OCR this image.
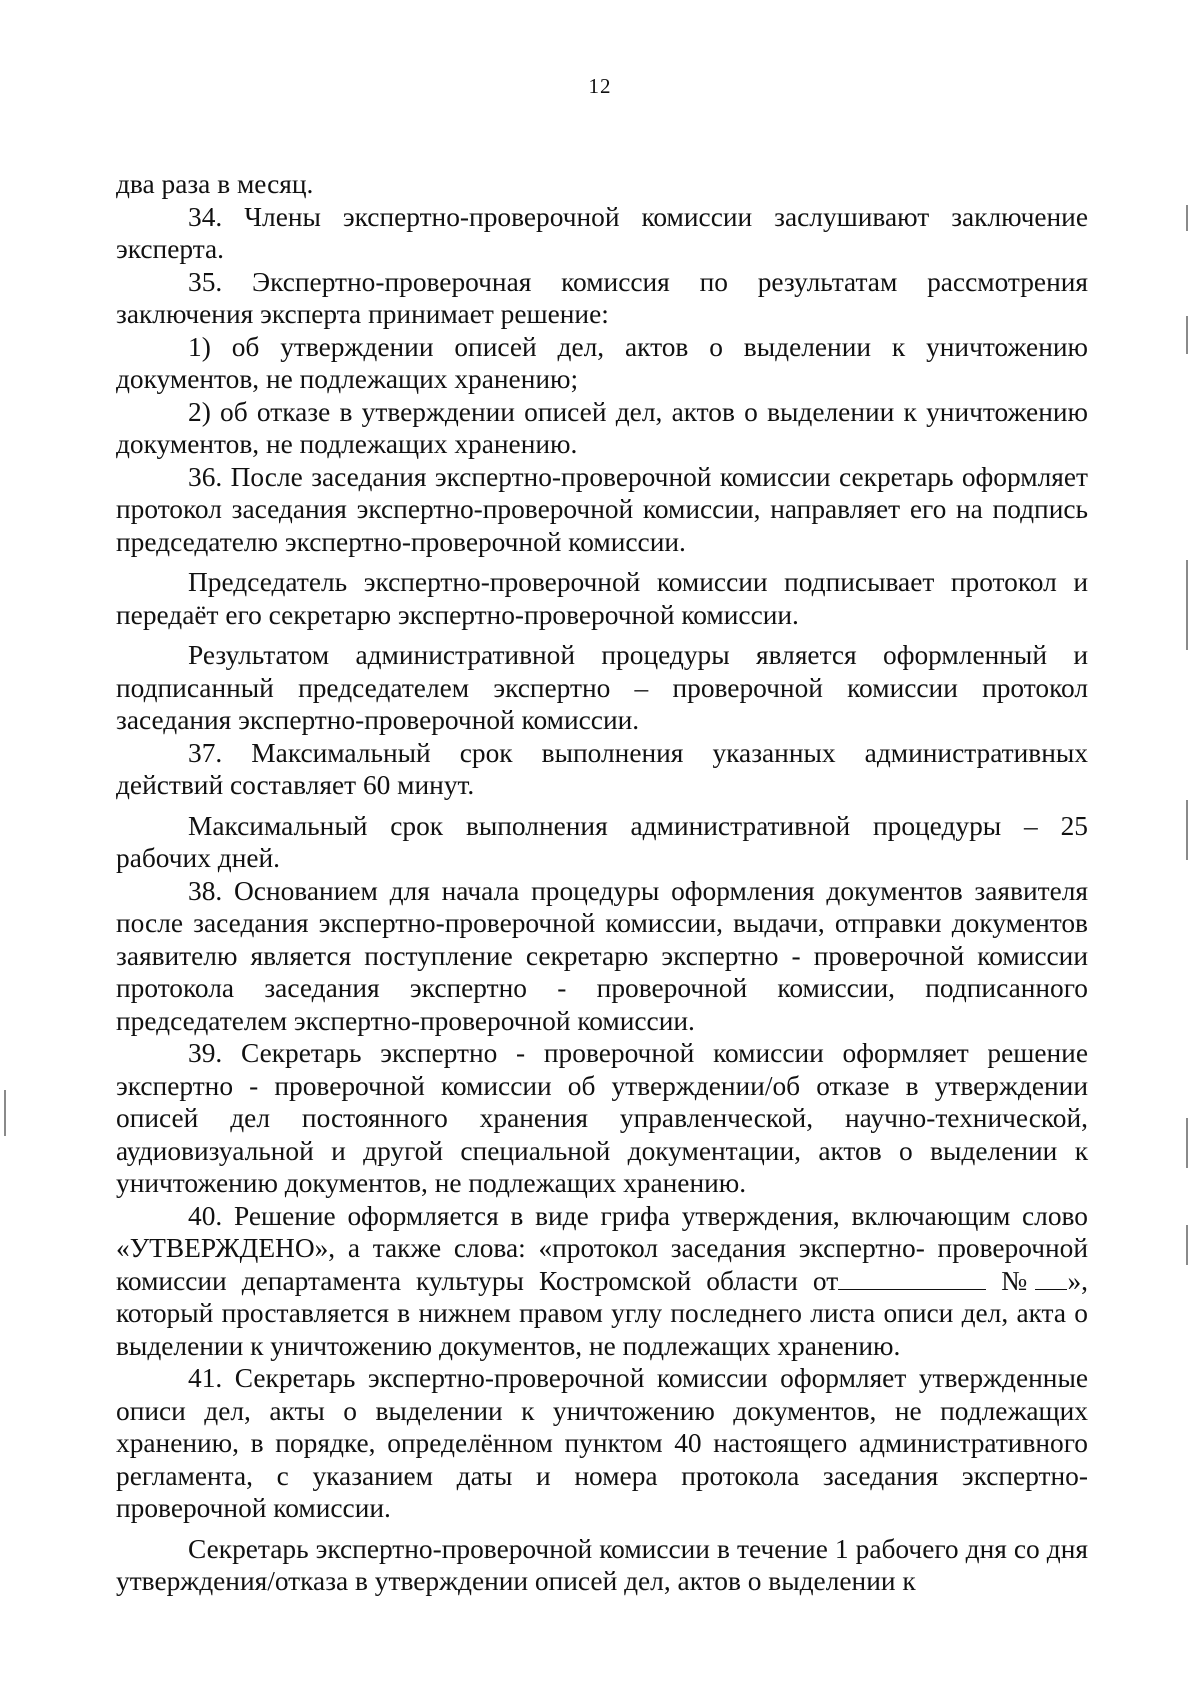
12

два раза в месяц.

34. Члены экспертно-проверочной комиссии заслушивают заключение эксперта.

35. Экспертно-проверочная комиссия по результатам рассмотрения заключения эксперта принимает решение:

1) об утверждении описей дел, актов о выделении к уничтожению документов, не подлежащих хранению;

2) об отказе в утверждении описей дел, актов о выделении к уничтожению документов, не подлежащих хранению.

36. После заседания экспертно-проверочной комиссии секретарь оформляет протокол заседания экспертно-проверочной комиссии, направляет его на подпись председателю экспертно-проверочной комиссии.

Председатель экспертно-проверочной комиссии подписывает протокол и передаёт его секретарю экспертно-проверочной комиссии.

Результатом административной процедуры является оформленный и подписанный председателем экспертно – проверочной комиссии протокол заседания экспертно-проверочной комиссии.

37. Максимальный срок выполнения указанных административных действий составляет 60 минут.

Максимальный срок выполнения административной процедуры – 25 рабочих дней.

38. Основанием для начала процедуры оформления документов заявителя после заседания экспертно-проверочной комиссии, выдачи, отправки документов заявителю является поступление секретарю экспертно - проверочной комиссии протокола заседания экспертно - проверочной комиссии, подписанного председателем экспертно-проверочной комиссии.

39. Секретарь экспертно - проверочной комиссии оформляет решение экспертно - проверочной комиссии об утверждении/об отказе в утверждении описей дел постоянного хранения управленческой, научно-технической, аудиовизуальной и другой специальной документации, актов о выделении к уничтожению документов, не подлежащих хранению.

40. Решение оформляется в виде грифа утверждения, включающим слово «УТВЕРЖДЕНО», а также слова: «протокол заседания экспертно- проверочной комиссии департамента культуры Костромской области от	№ », который проставляется в нижнем правом углу последнего листа описи дел, акта о выделении к уничтожению документов, не подлежащих хранению.

41. Секретарь экспертно-проверочной комиссии оформляет утвержденные описи дел, акты о выделении к уничтожению документов, не подлежащих хранению, в порядке, определённом пунктом 40 настоящего административного регламента, с указанием даты и номера протокола заседания экспертно-проверочной комиссии.

Секретарь экспертно-проверочной комиссии в течение 1 рабочего дня со дня утверждения/отказа в утверждении описей дел, актов о выделении к
